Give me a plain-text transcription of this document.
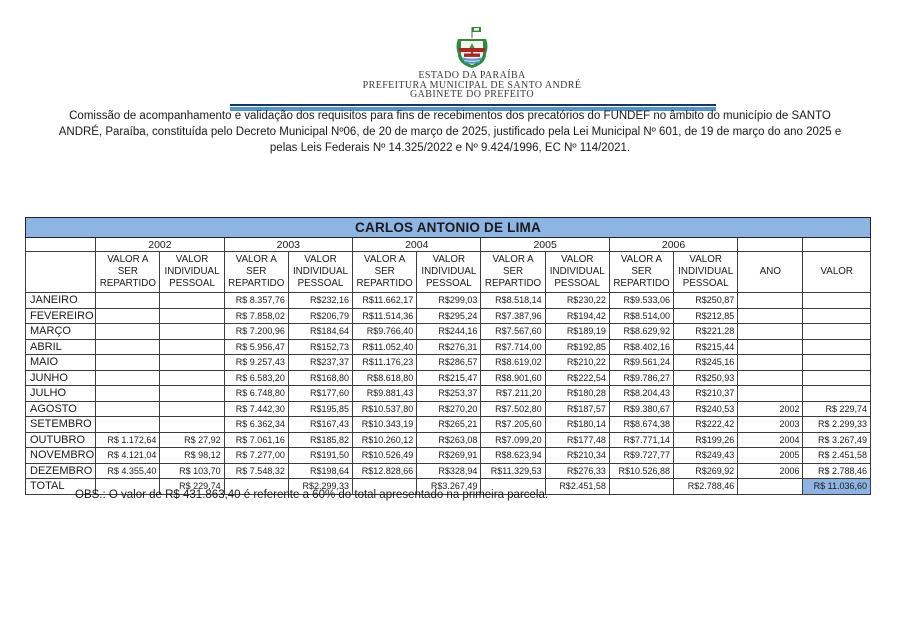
ESTADO DA PARAÍBA
PREFEITURA MUNICIPAL DE SANTO ANDRÉ
GABINETE DO PREFEITO

Comissão de acompanhamento e validação dos requisitos para fins de recebimentos dos precatórios do FUNDEF no âmbito do município de SANTO ANDRÉ, Paraíba, constituída pelo Decreto Municipal Nº06, de 20 de março de 2025, justificado pela Lei Municipal Nº 601, de 19 de março do ano 2025 e pelas Leis Federais Nº 14.325/2022 e Nº 9.424/1996, EC Nº 114/2021.

CARLOS ANTONIO DE LIMA												
	2002		2003		2004		2005		2006			
	VALOR A SER REPARTIDO	VALOR INDIVIDUAL PESSOAL	VALOR A SER REPARTIDO	VALOR INDIVIDUAL PESSOAL	VALOR A SER REPARTIDO	VALOR INDIVIDUAL PESSOAL	VALOR A SER REPARTIDO	VALOR INDIVIDUAL PESSOAL	VALOR A SER REPARTIDO	VALOR INDIVIDUAL PESSOAL	ANO	VALOR
JANEIRO			R$ 8.357,76	R$232,16	R$11.662,17	R$299,03	R$8.518,14	R$230,22	R$9.533,06	R$250,87		
FEVEREIRO			R$ 7.858,02	R$206,79	R$11.514,36	R$295,24	R$7.387,96	R$194,42	R$8.514,00	R$212,85		
MARÇO			R$ 7.200,96	R$184,64	R$9.766,40	R$244,16	R$7.567,60	R$189,19	R$8.629,92	R$221,28		
ABRIL			R$ 5.956,47	R$152,73	R$11.052,40	R$276,31	R$7.714,00	R$192,85	R$8.402,16	R$215,44		
MAIO			R$ 9.257,43	R$237,37	R$11.176,23	R$286,57	R$8.619,02	R$210,22	R$9.561,24	R$245,16		
JUNHO			R$ 6.583,20	R$168,80	R$8.618,80	R$215,47	R$8.901,60	R$222,54	R$9.786,27	R$250,93		
JULHO			R$ 6.748,80	R$177,60	R$9.881,43	R$253,37	R$7.211,20	R$180,28	R$8.204,43	R$210,37		
AGOSTO			R$ 7.442,30	R$195,85	R$10.537,80	R$270,20	R$7.502,80	R$187,57	R$9.380,67	R$240,53	2002	R$ 229,74
SETEMBRO			R$ 6.362,34	R$167,43	R$10.343,19	R$265,21	R$7.205,60	R$180,14	R$8.674,38	R$222,42	2003	R$ 2.299,33
OUTUBRO	R$ 1.172,64	R$ 27,92	R$ 7.061,16	R$185,82	R$10.260,12	R$263,08	R$7.099,20	R$177,48	R$7.771,14	R$199,26	2004	R$ 3.267,49
NOVEMBRO	R$ 4.121,04	R$ 98,12	R$ 7.277,00	R$191,50	R$10.526,49	R$269,91	R$8.623,94	R$210,34	R$9.727,77	R$249,43	2005	R$ 2.451,58
DEZEMBRO	R$ 4.355,40	R$ 103,70	R$ 7.548,32	R$198,64	R$12.828,66	R$328,94	R$11.329,53	R$276,33	R$10.526,88	R$269,92	2006	R$ 2.788,46
TOTAL		R$ 229,74		R$2.299,33		R$3.267,49		R$2.451,58		R$2.788,46		R$ 11.036,60

OBS.: O valor de R$ 431.863,40 é referente a 60% do total apresentado na primeira parcela.
